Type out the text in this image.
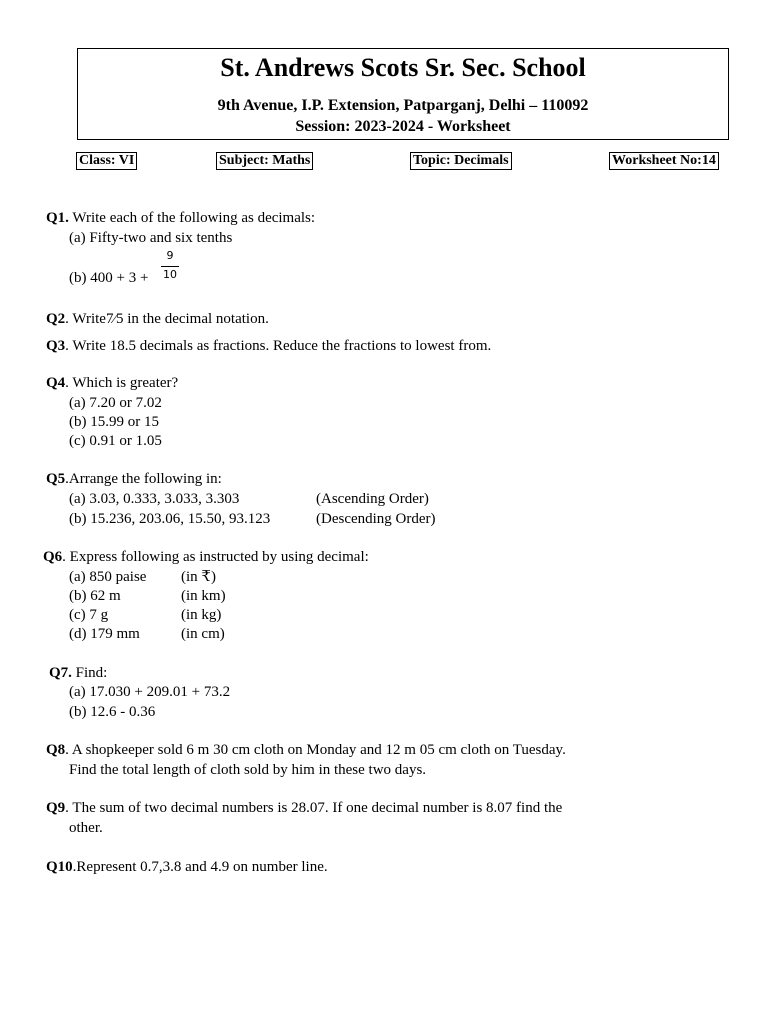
St. Andrews Scots Sr. Sec. School
9th Avenue, I.P. Extension, Patparganj, Delhi – 110092
Session: 2023-2024 - Worksheet
Class: VI	Subject: Maths	Topic: Decimals	Worksheet No:14
Q1. Write each of the following as decimals:
(a) Fifty-two and six tenths
(b) 400 + 3 +
9
10
Q2. Write7⁄5 in the decimal notation.
Q3. Write 18.5 decimals as fractions. Reduce the fractions to lowest from.
Q4. Which is greater?
(a) 7.20 or 7.02
(b) 15.99 or 15
(c) 0.91 or 1.05
Q5.Arrange the following in:
(a) 3.03, 0.333, 3.033, 3.303	(Ascending Order)
(b) 15.236, 203.06, 15.50, 93.123	(Descending Order)
Q6. Express following as instructed by using decimal:
(a) 850 paise (in ₹)
(b) 62 m	(in km)
(c) 7 g	(in kg)
(d) 179 mm	(in cm)
Q7. Find:
(a) 17.030 + 209.01 + 73.2
(b) 12.6 - 0.36
Q8. A shopkeeper sold 6 m 30 cm cloth on Monday and 12 m 05 cm cloth on Tuesday.
Find the total length of cloth sold by him in these two days.
Q9. The sum of two decimal numbers is 28.07. If one decimal number is 8.07 find the
other.
Q10.Represent 0.7,3.8 and 4.9 on number line.
